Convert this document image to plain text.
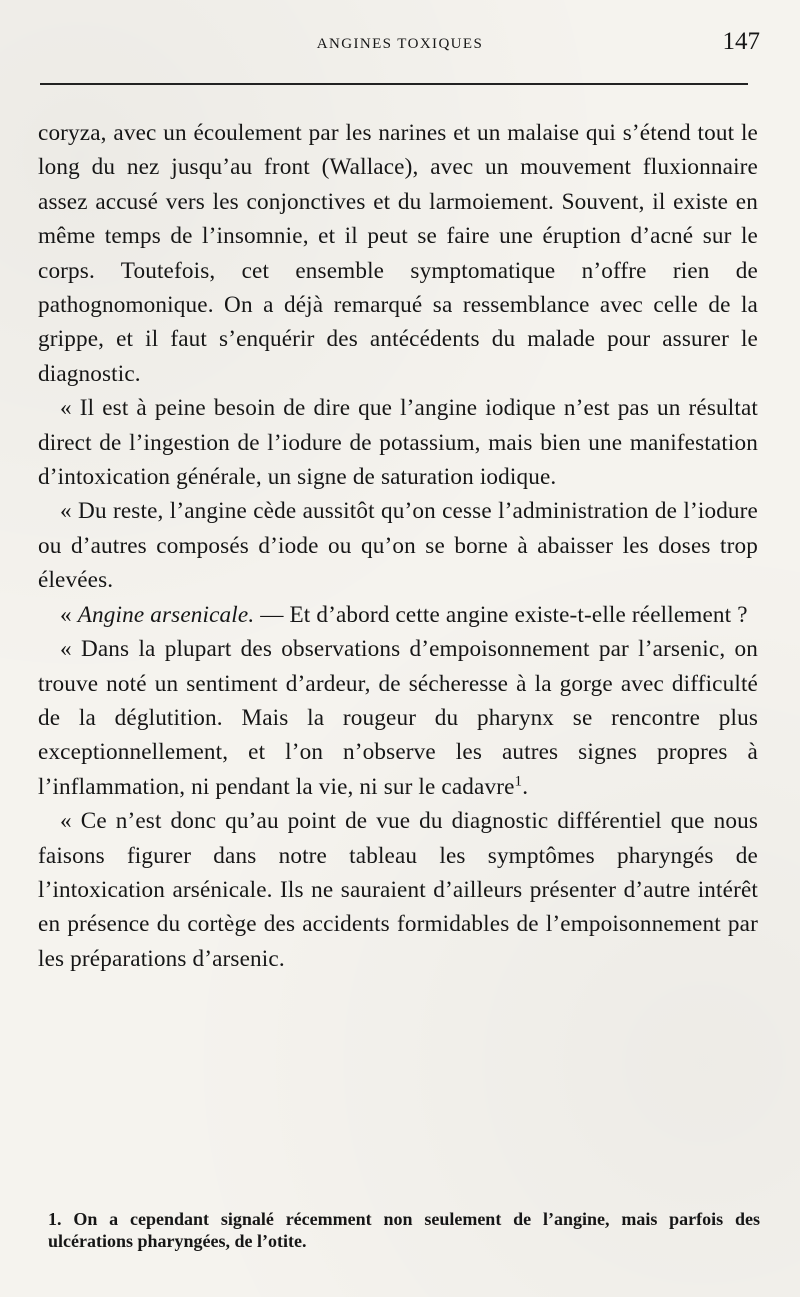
ANGINES TOXIQUES	147

coryza, avec un écoulement par les narines et un malaise qui s’étend tout le long du nez jusqu’au front (Wallace), avec un mouvement fluxionnaire assez accusé vers les conjonctives et du larmoiement. Souvent, il existe en même temps de l’insomnie, et il peut se faire une éruption d’acné sur le corps. Toutefois, cet ensemble symptomatique n’offre rien de pathognomonique. On a déjà remarqué sa ressemblance avec celle de la grippe, et il faut s’enquérir des antécédents du malade pour assurer le diagnostic.

« Il est à peine besoin de dire que l’angine iodique n’est pas un résultat direct de l’ingestion de l’iodure de potassium, mais bien une manifestation d’intoxication générale, un signe de saturation iodique.

« Du reste, l’angine cède aussitôt qu’on cesse l’administration de l’iodure ou d’autres composés d’iode ou qu’on se borne à abaisser les doses trop élevées.

« Angine arsenicale. — Et d’abord cette angine existe-t-elle réellement ?

« Dans la plupart des observations d’empoisonnement par l’arsenic, on trouve noté un sentiment d’ardeur, de sécheresse à la gorge avec difficulté de la déglutition. Mais la rougeur du pharynx se rencontre plus exceptionnellement, et l’on n’observe les autres signes propres à l’inflammation, ni pendant la vie, ni sur le cadavre$^1$.

« Ce n’est donc qu’au point de vue du diagnostic différentiel que nous faisons figurer dans notre tableau les symptômes pharyngés de l’intoxication arsénicale. Ils ne sauraient d’ailleurs présenter d’autre intérêt en présence du cortège des accidents formidables de l’empoisonnement par les préparations d’arsenic.

1. On a cependant signalé récemment non seulement de l’angine, mais parfois des ulcérations pharyngées, de l’otite.
